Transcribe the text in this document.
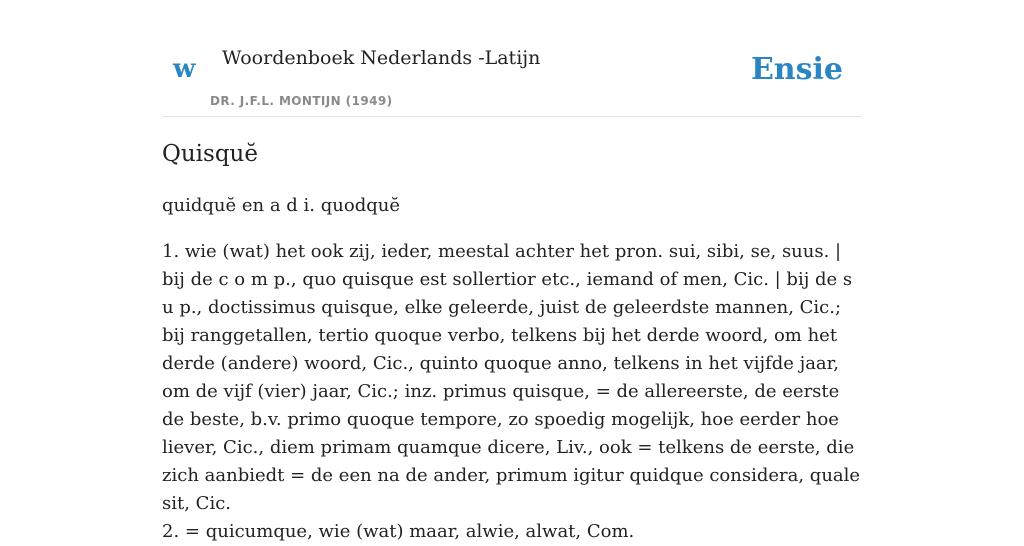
w Woordenboek Nederlands -Latijn
DR. J.F.L. MONTIJN (1949)
Ensie
Quisquĕ

quidquĕ en a d i. quodquĕ

1. wie (wat) het ook zij, ieder, meestal achter het pron. sui, sibi, se, suus. | bij de c o m p., quo quisque est sollertior etc., iemand of men, Cic. | bij de s u p., doctissimus quisque, elke geleerde, juist de geleerdste mannen, Cic.; bij ranggetallen, tertio quoque verbo, telkens bij het derde woord, om het derde (andere) woord, Cic., quinto quoque anno, telkens in het vijfde jaar, om de vijf (vier) jaar, Cic.; inz. primus quisque, = de allereerste, de eerste de beste, b.v. primo quoque tempore, zo spoedig mogelijk, hoe eerder hoe liever, Cic., diem primam quamque dicere, Liv., ook = telkens de eerste, die zich aanbiedt = de een na de ander, primum igitur quidque considera, quale sit, Cic.
2. = quicumque, wie (wat) maar, alwie, alwat, Com.
